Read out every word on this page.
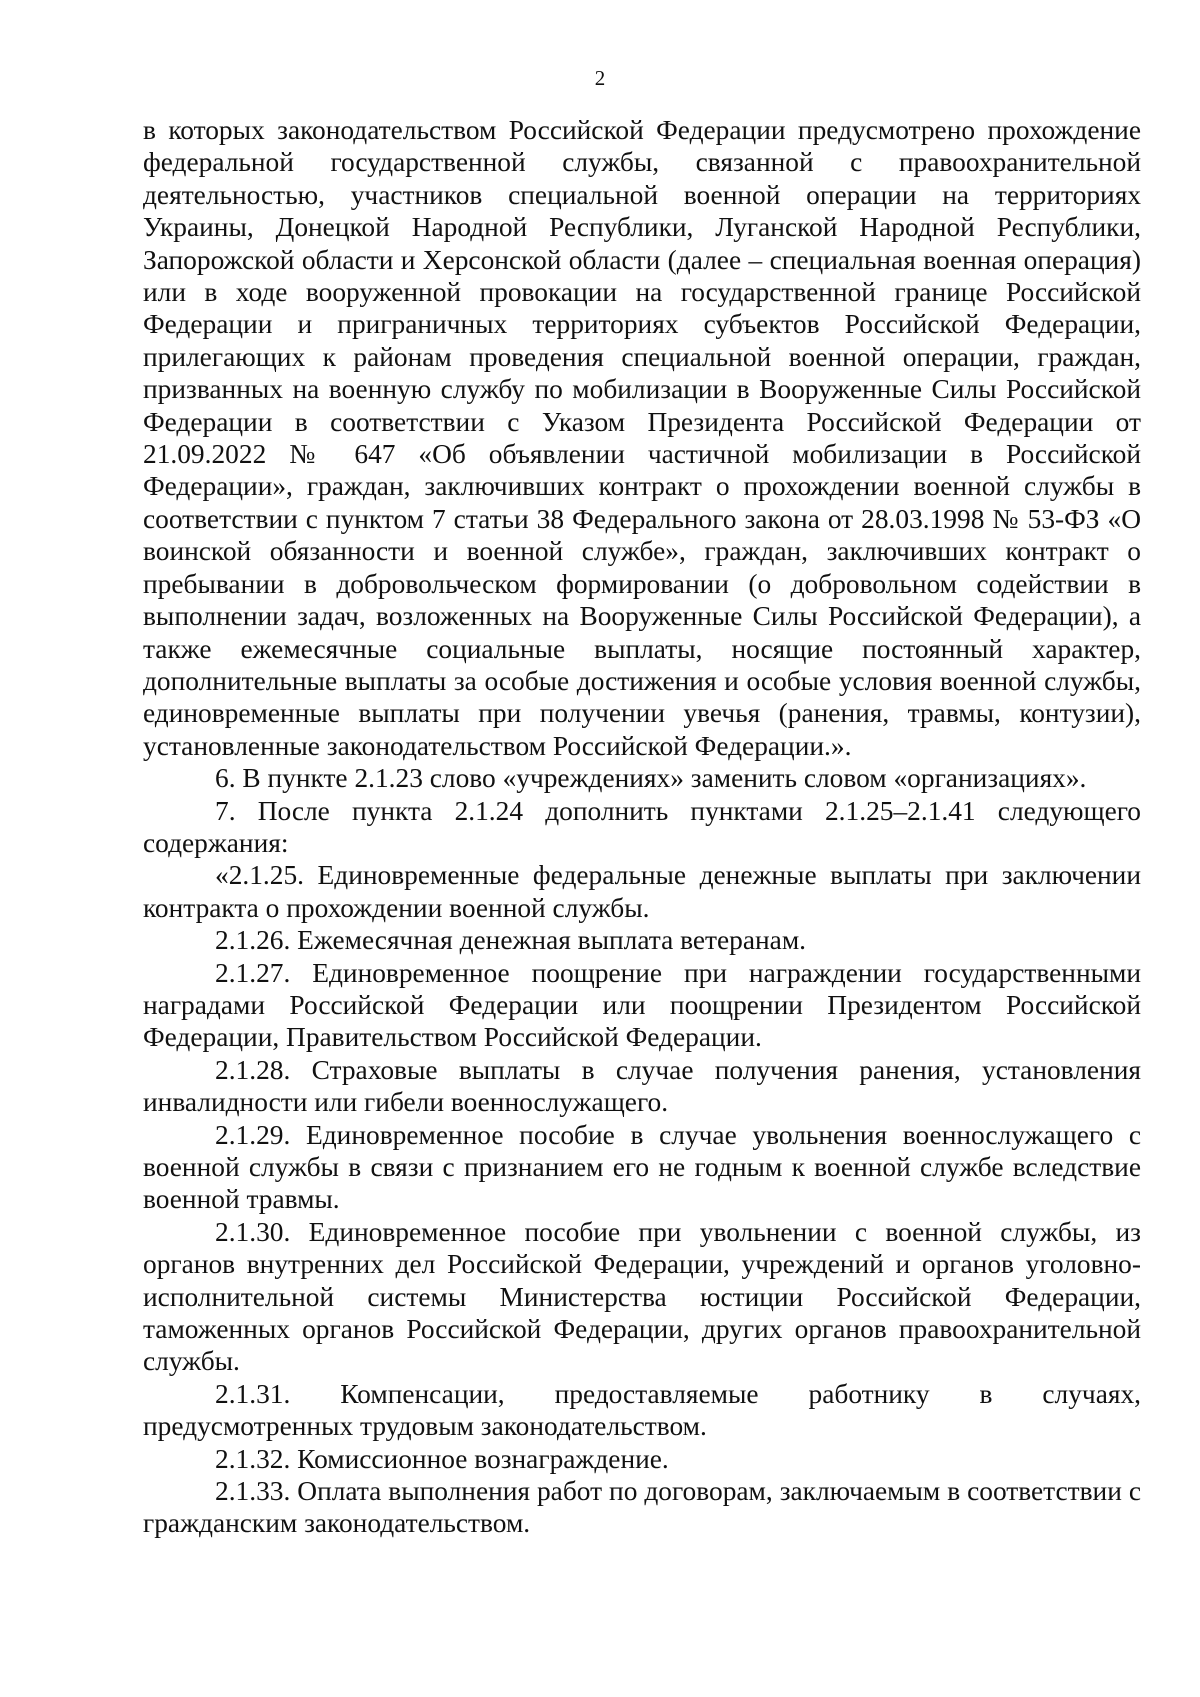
2

в которых законодательством Российской Федерации предусмотрено прохождение федеральной государственной службы, связанной с правоохранительной деятельностью, участников специальной военной операции на территориях Украины, Донецкой Народной Республики, Луганской Народной Республики, Запорожской области и Херсонской области (далее – специальная военная операция) или в ходе вооруженной провокации на государственной границе Российской Федерации и приграничных территориях субъектов Российской Федерации, прилегающих к районам проведения специальной военной операции, граждан, призванных на военную службу по мобилизации в Вооруженные Силы Российской Федерации в соответствии с Указом Президента Российской Федерации от 21.09.2022 № 647 «Об объявлении частичной мобилизации в Российской Федерации», граждан, заключивших контракт о прохождении военной службы в соответствии с пунктом 7 статьи 38 Федерального закона от 28.03.1998 № 53-ФЗ «О воинской обязанности и военной службе», граждан, заключивших контракт о пребывании в добровольческом формировании (о добровольном содействии в выполнении задач, возложенных на Вооруженные Силы Российской Федерации), а также ежемесячные социальные выплаты, носящие постоянный характер, дополнительные выплаты за особые достижения и особые условия военной службы, единовременные выплаты при получении увечья (ранения, травмы, контузии), установленные законодательством Российской Федерации.».

6. В пункте 2.1.23 слово «учреждениях» заменить словом «организациях».

7. После пункта 2.1.24 дополнить пунктами 2.1.25–2.1.41 следующего содержания:

«2.1.25. Единовременные федеральные денежные выплаты при заключении контракта о прохождении военной службы.

2.1.26. Ежемесячная денежная выплата ветеранам.

2.1.27. Единовременное поощрение при награждении государственными наградами Российской Федерации или поощрении Президентом Российской Федерации, Правительством Российской Федерации.

2.1.28. Страховые выплаты в случае получения ранения, установления инвалидности или гибели военнослужащего.

2.1.29. Единовременное пособие в случае увольнения военнослужащего с военной службы в связи с признанием его не годным к военной службе вследствие военной травмы.

2.1.30. Единовременное пособие при увольнении с военной службы, из органов внутренних дел Российской Федерации, учреждений и органов уголовно-исполнительной системы Министерства юстиции Российской Федерации, таможенных органов Российской Федерации, других органов правоохранительной службы.

2.1.31. Компенсации, предоставляемые работнику в случаях, предусмотренных трудовым законодательством.

2.1.32. Комиссионное вознаграждение.

2.1.33. Оплата выполнения работ по договорам, заключаемым в соответствии с гражданским законодательством.
